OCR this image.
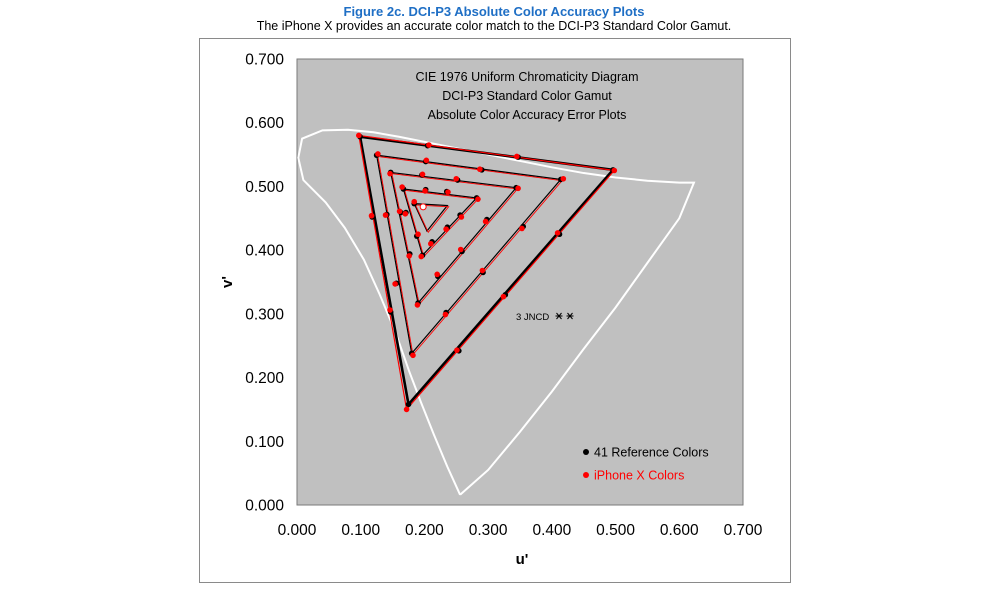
Figure 2c. DCI-P3 Absolute Color Accuracy Plots
The iPhone X provides an accurate color match to the DCI-P3 Standard Color Gamut.
0.000 0.100 0.200 0.300 0.400 0.500 0.600 0.700
0.000
0.100
0.200
0.300
0.400
0.500
0.600
0.700
u'
v'
CIE 1976 Uniform Chromaticity Diagram
DCI-P3 Standard Color Gamut
Absolute Color Accuracy Error Plots
3 JNCD
41 Reference Colors
iPhone X Colors
